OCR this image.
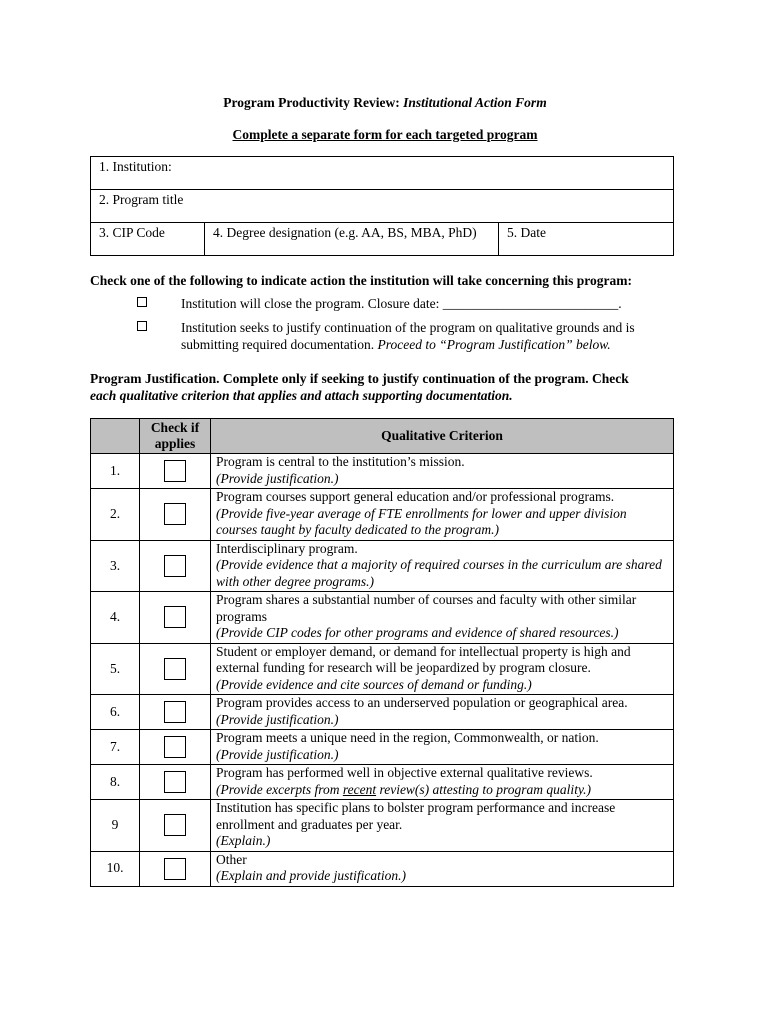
Program Productivity Review: Institutional Action Form
Complete a separate form for each targeted program
1. Institution:
2. Program title
3. CIP Code	4. Degree designation (e.g. AA, BS, MBA, PhD)	5. Date
Check one of the following to indicate action the institution will take concerning this program:
Institution will close the program. Closure date: __________________________.
Institution seeks to justify continuation of the program on qualitative grounds and is
submitting required documentation. Proceed to “Program Justification” below.
Program Justification. Complete only if seeking to justify continuation of the program. Check
each qualitative criterion that applies and attach supporting documentation.
	Check if applies	Qualitative Criterion
1.		Program is central to the institution’s mission.
(Provide justification.)

2.		Program courses support general education and/or professional programs.
(Provide five-year average of FTE enrollments for lower and upper division courses taught by faculty dedicated to the program.)

3.		Interdisciplinary program.
(Provide evidence that a majority of required courses in the curriculum are shared with other degree programs.)

4.		Program shares a substantial number of courses and faculty with other similar programs
(Provide CIP codes for other programs and evidence of shared resources.)

5.		Student or employer demand, or demand for intellectual property is high and external funding for research will be jeopardized by program closure.
(Provide evidence and cite sources of demand or funding.)

6.		Program provides access to an underserved population or geographical area.
(Provide justification.)

7.		Program meets a unique need in the region, Commonwealth, or nation.
(Provide justification.)

8.		Program has performed well in objective external qualitative reviews.
(Provide excerpts from recent review(s) attesting to program quality.)

9		Institution has specific plans to bolster program performance and increase enrollment and graduates per year.
(Explain.)

10.		Other
(Explain and provide justification.)
